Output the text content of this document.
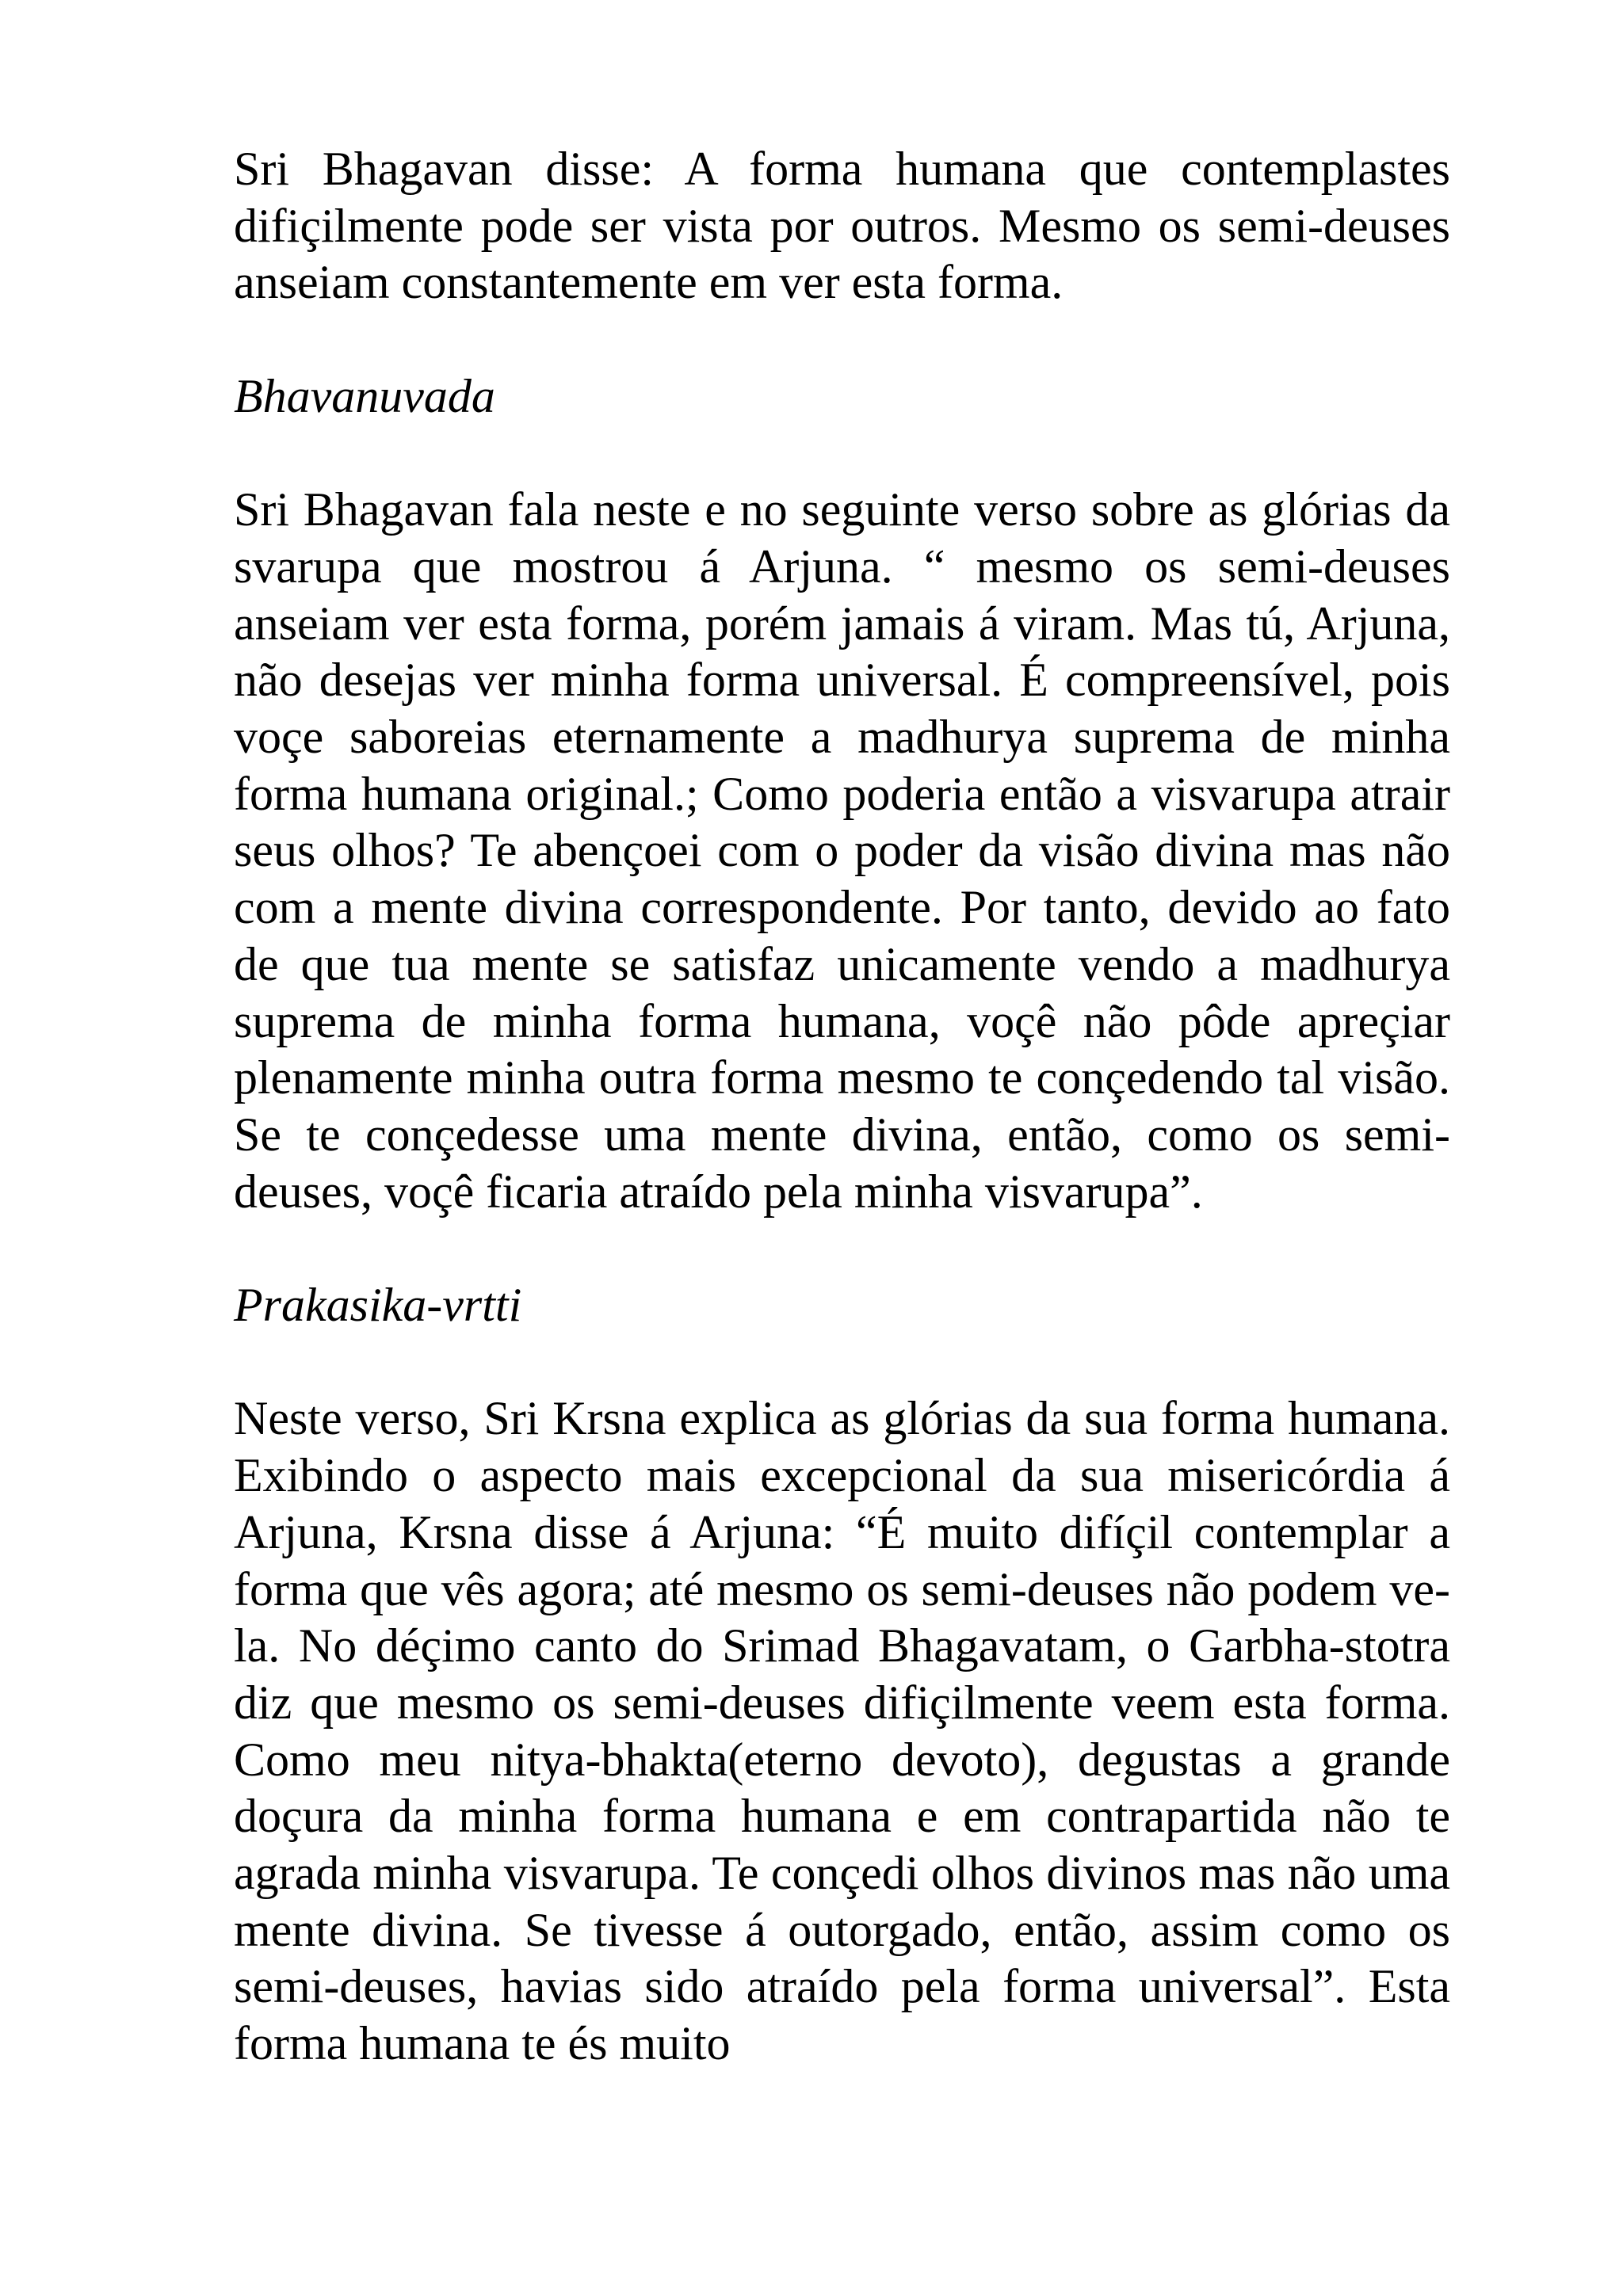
Sri Bhagavan disse: A forma humana que contemplastes difiçilmente pode ser vista por outros. Mesmo os semi-deuses anseiam constantemente em ver esta forma.

Bhavanuvada

Sri Bhagavan fala neste e no seguinte verso sobre as glórias da svarupa que mostrou á Arjuna. “ mesmo os semi-deuses anseiam ver esta forma, porém jamais á viram. Mas tú, Arjuna, não desejas ver minha forma universal. É compreensível, pois voçe saboreias eternamente a madhurya suprema de minha forma humana original.; Como poderia então a visvarupa atrair seus olhos? Te abençoei com o poder da visão divina mas não com a mente divina correspondente. Por tanto, devido ao fato de que tua mente se satisfaz unicamente vendo a madhurya suprema de minha forma humana, voçê não pôde apreçiar plenamente minha outra forma mesmo te conçedendo tal visão. Se te conçedesse uma mente divina, então, como os semi-deuses, voçê ficaria atraído pela minha visvarupa”.

Prakasika-vrtti

Neste verso, Sri Krsna explica as glórias da sua forma humana. Exibindo o aspecto mais excepcional da sua misericórdia á Arjuna, Krsna disse á Arjuna: “É muito difíçil contemplar a forma que vês agora; até mesmo os semi-deuses não podem ve-la. No déçimo canto do Srimad Bhagavatam, o Garbha-stotra diz que mesmo os semi-deuses difiçilmente veem esta forma. Como meu nitya-bhakta(eterno devoto), degustas a grande doçura da minha forma humana e em contrapartida não te agrada minha visvarupa. Te conçedi olhos divinos mas não uma mente divina. Se tivesse á outorgado, então, assim como os semi-deuses, havias sido atraído pela forma universal”. Esta forma humana te és muito
